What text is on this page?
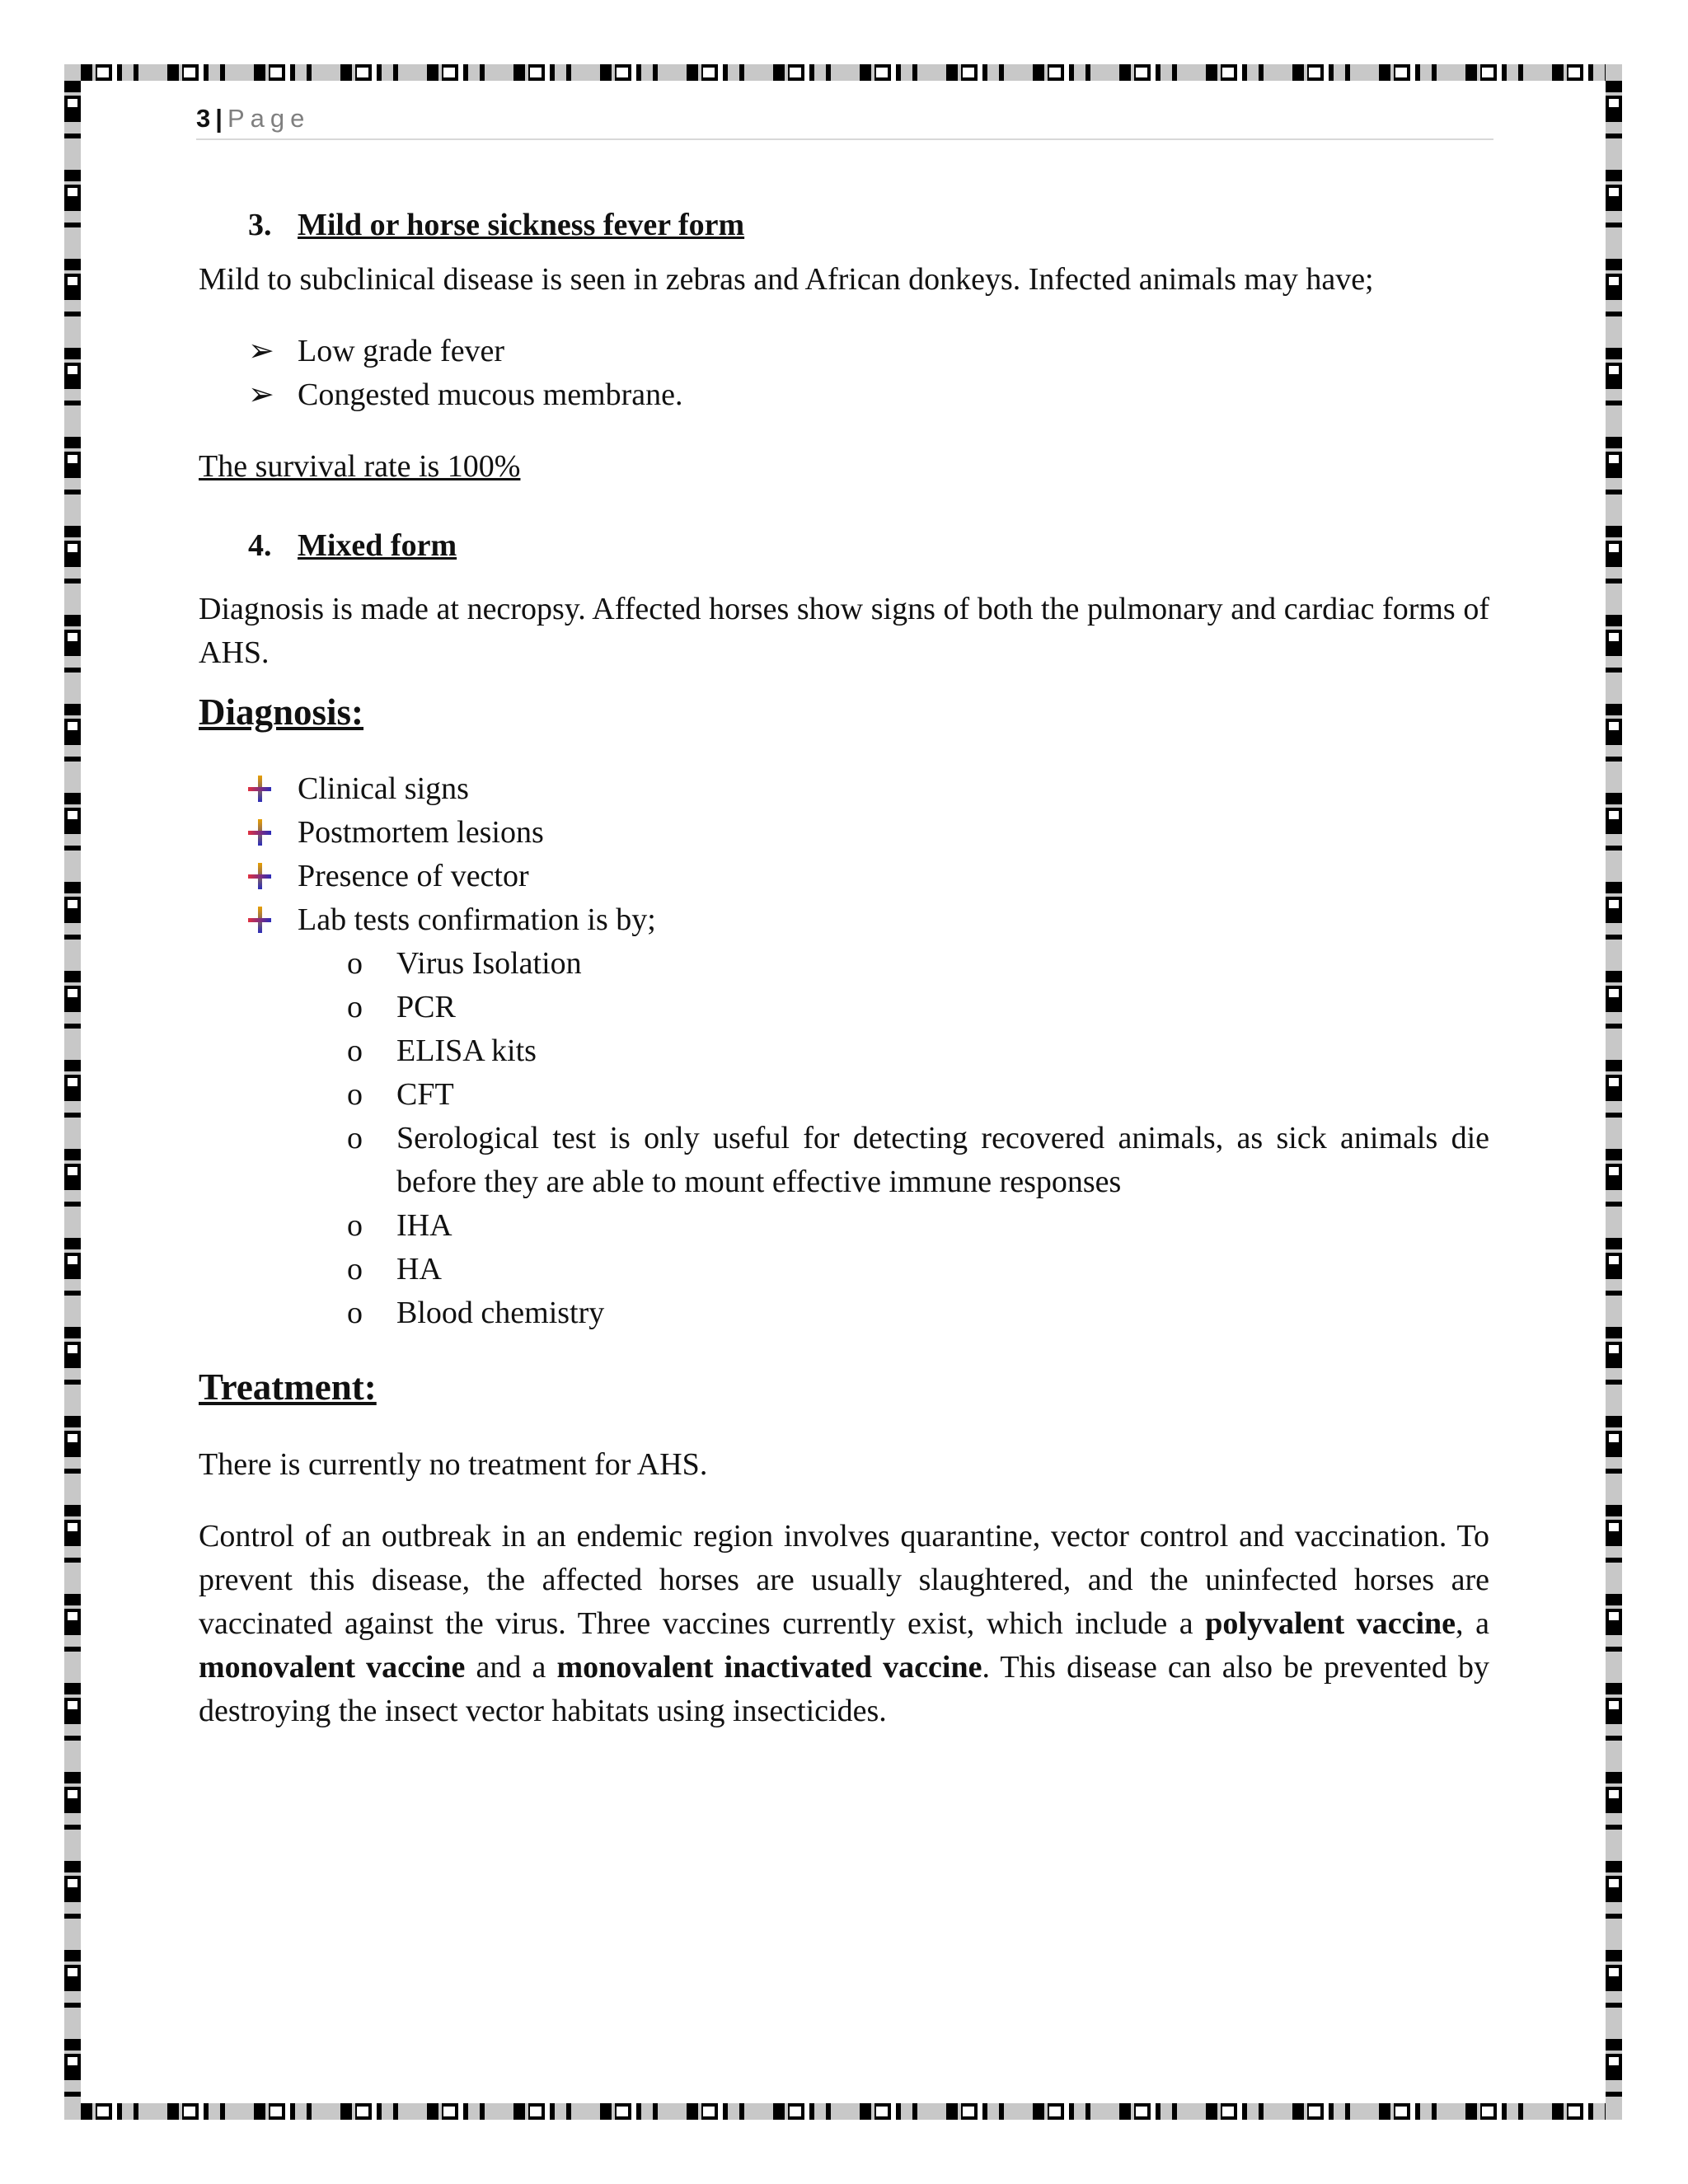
3 | Page
3. Mild or horse sickness fever form
Mild to subclinical disease is seen in zebras and African donkeys. Infected animals may have;
➢ Low grade fever
➢ Congested mucous membrane.
The survival rate is 100%
4. Mixed form
Diagnosis is made at necropsy. Affected horses show signs of both the pulmonary and cardiac forms of AHS.
Diagnosis:
Clinical signs
Postmortem lesions
Presence of vector
Lab tests confirmation is by;
o Virus Isolation
o PCR
o ELISA kits
o CFT
o Serological test is only useful for detecting recovered animals, as sick animals die before they are able to mount effective immune responses
o IHA
o HA
o Blood chemistry
Treatment:
There is currently no treatment for AHS.
Control of an outbreak in an endemic region involves quarantine, vector control and vaccination. To prevent this disease, the affected horses are usually slaughtered, and the uninfected horses are vaccinated against the virus. Three vaccines currently exist, which include a polyvalent vaccine, a monovalent vaccine and a monovalent inactivated vaccine. This disease can also be prevented by destroying the insect vector habitats using insecticides.
